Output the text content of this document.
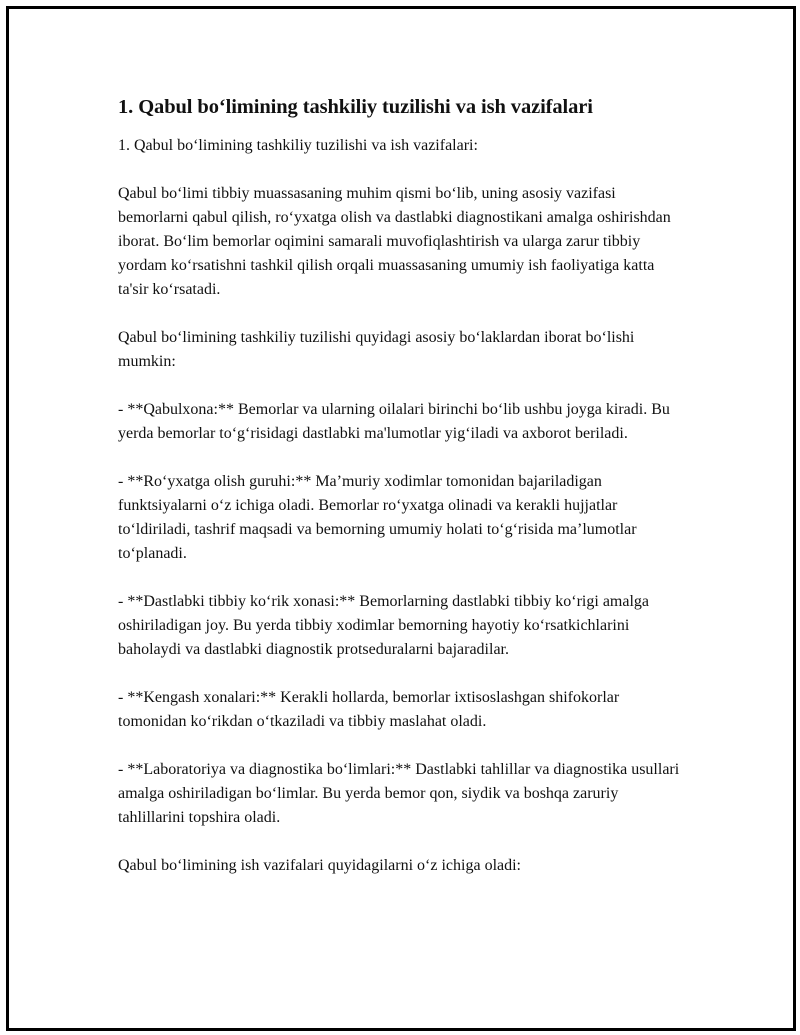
1. Qabul boʻlimining tashkiliy tuzilishi va ish vazifalari

1. Qabul boʻlimining tashkiliy tuzilishi va ish vazifalari:

Qabul boʻlimi tibbiy muassasaning muhim qismi boʻlib, uning asosiy vazifasi bemorlarni qabul qilish, roʻyxatga olish va dastlabki diagnostikani amalga oshirishdan iborat. Boʻlim bemorlar oqimini samarali muvofiqlashtirish va ularga zarur tibbiy yordam koʻrsatishni tashkil qilish orqali muassasaning umumiy ish faoliyatiga katta ta'sir koʻrsatadi.

Qabul boʻlimining tashkiliy tuzilishi quyidagi asosiy boʻlaklardan iborat boʻlishi mumkin:

- **Qabulxona:** Bemorlar va ularning oilalari birinchi boʻlib ushbu joyga kiradi. Bu yerda bemorlar toʻgʻrisidagi dastlabki ma'lumotlar yigʻiladi va axborot beriladi.

- **Roʻyxatga olish guruhi:** Maʼmuriy xodimlar tomonidan bajariladigan funktsiyalarni oʻz ichiga oladi. Bemorlar roʻyxatga olinadi va kerakli hujjatlar toʻldiriladi, tashrif maqsadi va bemorning umumiy holati toʻgʻrisida maʼlumotlar toʻplanadi.

- **Dastlabki tibbiy koʻrik xonasi:** Bemorlarning dastlabki tibbiy koʻrigi amalga oshiriladigan joy. Bu yerda tibbiy xodimlar bemorning hayotiy koʻrsatkichlarini baholaydi va dastlabki diagnostik protseduralarni bajaradilar.

- **Kengash xonalari:** Kerakli hollarda, bemorlar ixtisoslashgan shifokorlar tomonidan koʻrikdan oʻtkaziladi va tibbiy maslahat oladi.

- **Laboratoriya va diagnostika boʻlimlari:** Dastlabki tahlillar va diagnostika usullari amalga oshiriladigan boʻlimlar. Bu yerda bemor qon, siydik va boshqa zaruriy tahlillarini topshira oladi.

Qabul boʻlimining ish vazifalari quyidagilarni oʻz ichiga oladi:
